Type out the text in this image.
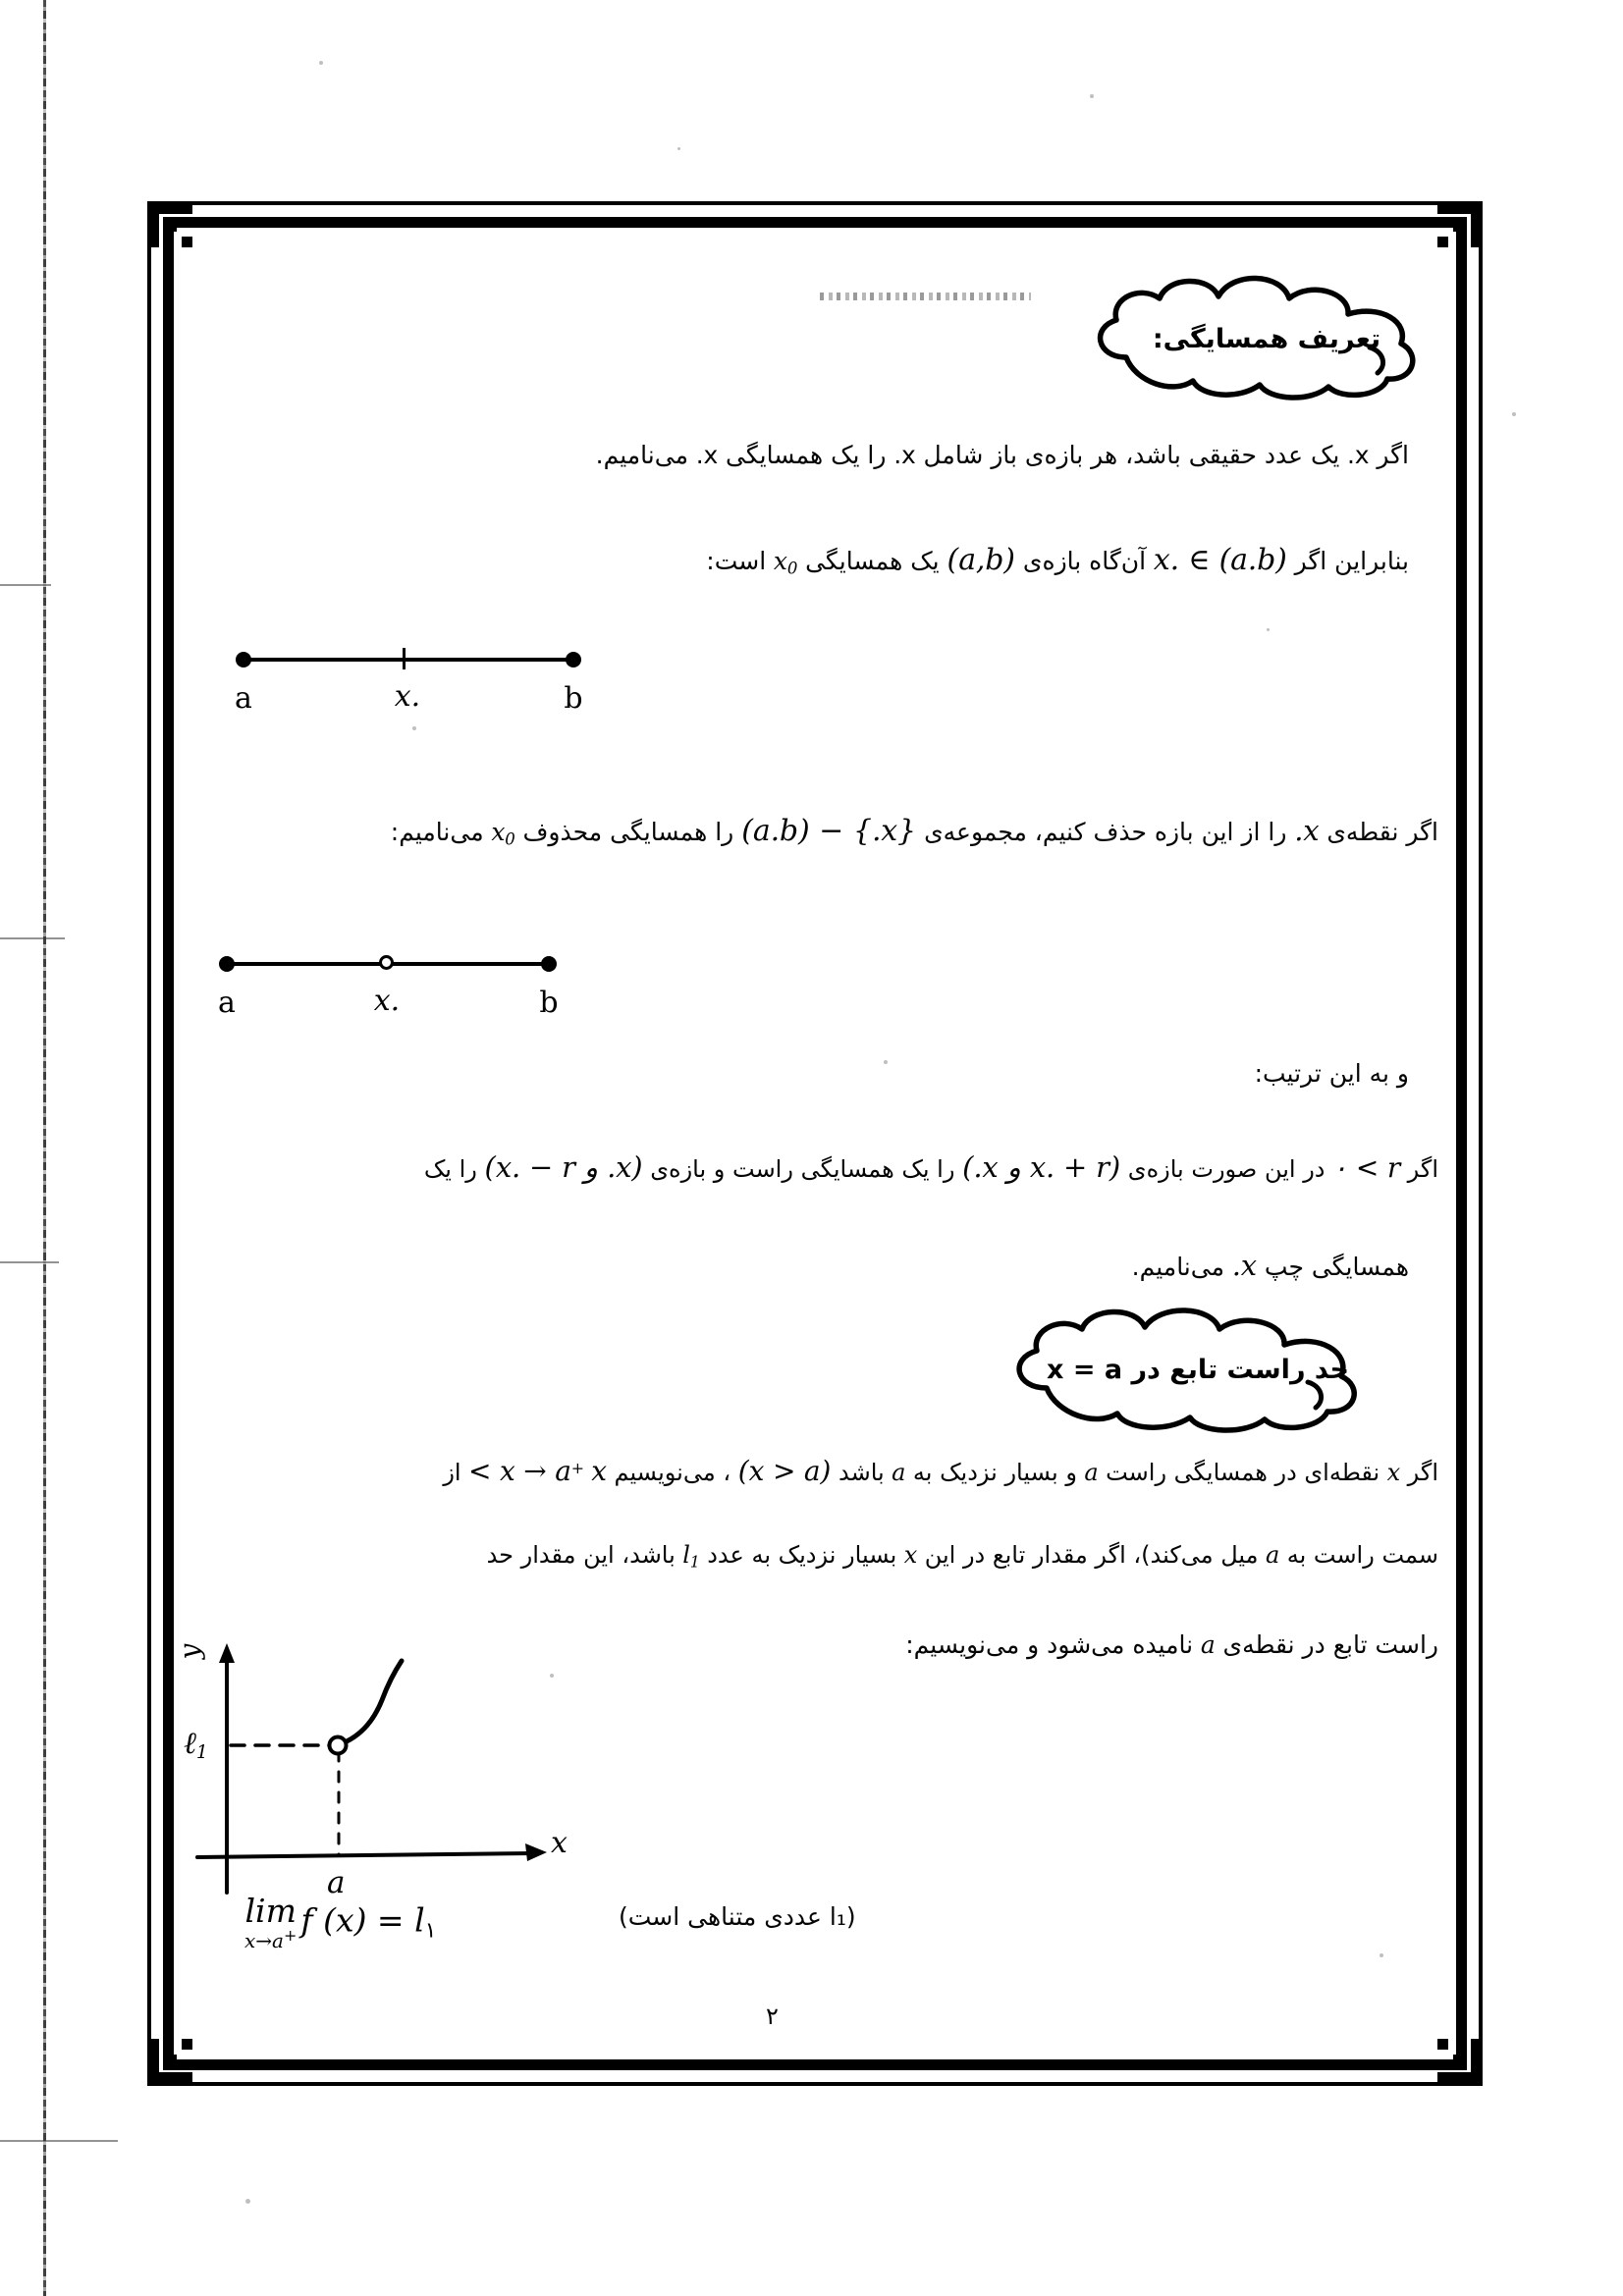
تعریف همسایگی:
اگر x. یک عدد حقیقی باشد، هر بازه‌ی باز شامل x. را یک همسایگی x. می‌نامیم.
بنابراین اگر x. ∈ (a.b) آن‌گاه بازه‌ی (a,b) یک همسایگی $x_0$ است:
a	x.	b
اگر نقطه‌ی x. را از این بازه حذف کنیم، مجموعه‌ی {x.} − (a.b) را همسایگی محذوف $x_0$ می‌نامیم:
a	x.	b
و به این ترتیب:
اگر r > ٠ در این صورت بازه‌ی (x. + r و x.) را یک همسایگی راست و بازه‌ی (x. و x. − r) را یک
همسایگی چپ x. می‌نامیم.
حد راست تابع در x = a
اگر x نقطه‌ای در همسایگی راست a و بسیار نزدیک به a باشد (x > a) ، می‌نویسیم x → a+ x > از
سمت راست به a میل می‌کند)، اگر مقدار تابع در این x بسیار نزدیک به عدد $l_1$ باشد، این مقدار حد
راست تابع در نقطه‌ی a نامیده می‌شود و می‌نویسیم:
y
x
ℓ$_1$
a
lim
x→a+ f $(x) = l_۱$
(l₁ عددی متناهی است)
۲
